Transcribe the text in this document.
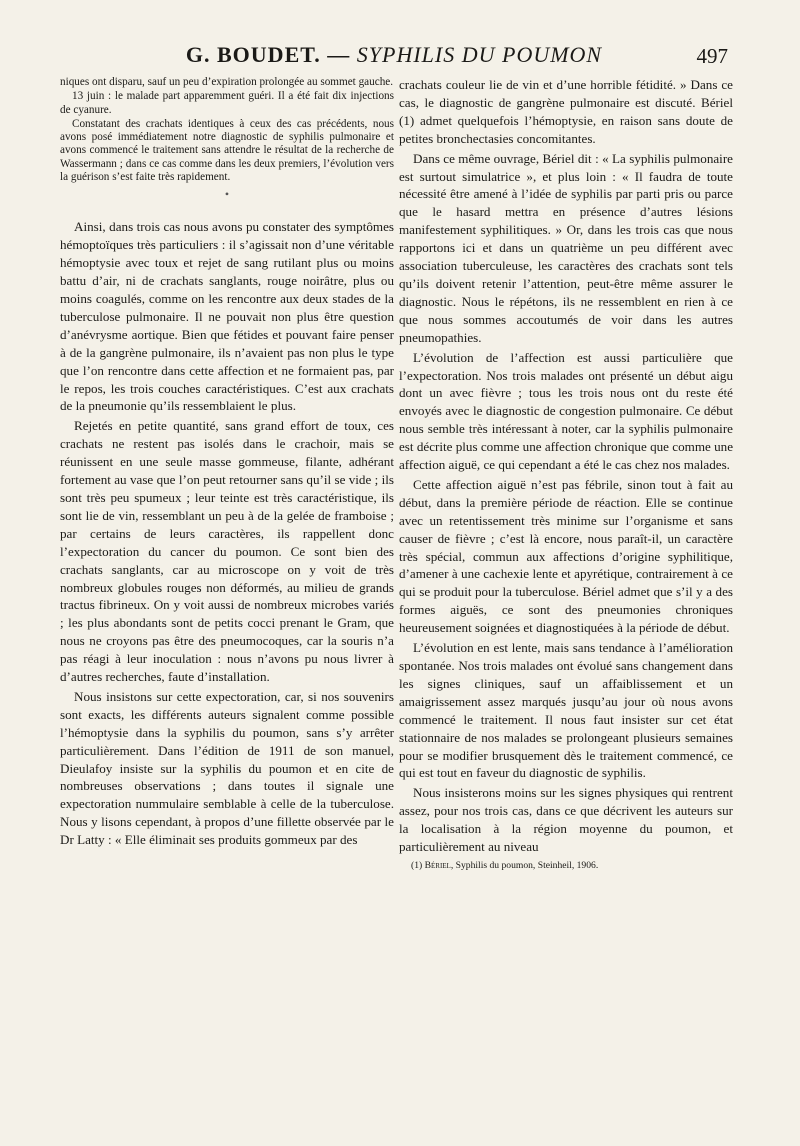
G. BOUDET. — SYPHILIS DU POUMON	497

niques ont disparu, sauf un peu d’expiration prolongée au sommet gauche.

13 juin : le malade part apparemment guéri. Il a été fait dix injections de cyanure.

Constatant des crachats identiques à ceux des cas précédents, nous avons posé immédiatement notre diagnostic de syphilis pulmonaire et avons commencé le traitement sans attendre le résultat de la recherche de Wassermann ; dans ce cas comme dans les deux premiers, l’évolution vers la guérison s’est faite très rapidement.

•

Ainsi, dans trois cas nous avons pu constater des symptômes hémoptoïques très particuliers : il s’agissait non d’une véritable hémoptysie avec toux et rejet de sang rutilant plus ou moins battu d’air, ni de crachats sanglants, rouge noirâtre, plus ou moins coagulés, comme on les rencontre aux deux stades de la tuberculose pulmonaire. Il ne pouvait non plus être question d’anévrysme aortique. Bien que fétides et pouvant faire penser à de la gangrène pulmonaire, ils n’avaient pas non plus le type que l’on rencontre dans cette affection et ne formaient pas, par le repos, les trois couches caractéristiques. C’est aux crachats de la pneumonie qu’ils ressemblaient le plus.

Rejetés en petite quantité, sans grand effort de toux, ces crachats ne restent pas isolés dans le crachoir, mais se réunissent en une seule masse gommeuse, filante, adhérant fortement au vase que l’on peut retourner sans qu’il se vide ; ils sont très peu spumeux ; leur teinte est très caractéristique, ils sont lie de vin, ressemblant un peu à de la gelée de framboise ; par certains de leurs caractères, ils rappellent donc l’expectoration du cancer du poumon. Ce sont bien des crachats sanglants, car au microscope on y voit de très nombreux globules rouges non déformés, au milieu de grands tractus fibrineux. On y voit aussi de nombreux microbes variés ; les plus abondants sont de petits cocci prenant le Gram, que nous ne croyons pas être des pneumocoques, car la souris n’a pas réagi à leur inoculation : nous n’avons pu nous livrer à d’autres recherches, faute d’installation.

Nous insistons sur cette expectoration, car, si nos souvenirs sont exacts, les différents auteurs signalent comme possible l’hémoptysie dans la syphilis du poumon, sans s’y arrêter particulièrement. Dans l’édition de 1911 de son manuel, Dieulafoy insiste sur la syphilis du poumon et en cite de nombreuses observations ; dans toutes il signale une expectoration nummulaire semblable à celle de la tuberculose. Nous y lisons cependant, à propos d’une fillette observée par le Dr Latty : « Elle éliminait ses produits gommeux par des

crachats couleur lie de vin et d’une horrible fétidité. » Dans ce cas, le diagnostic de gangrène pulmonaire est discuté. Bériel (1) admet quelquefois l’hémoptysie, en raison sans doute de petites bronchectasies concomitantes.

Dans ce même ouvrage, Bériel dit : « La syphilis pulmonaire est surtout simulatrice », et plus loin : « Il faudra de toute nécessité être amené à l’idée de syphilis par parti pris ou parce que le hasard mettra en présence d’autres lésions manifestement syphilitiques. » Or, dans les trois cas que nous rapportons ici et dans un quatrième un peu différent avec association tuberculeuse, les caractères des crachats sont tels qu’ils doivent retenir l’attention, peut-être même assurer le diagnostic. Nous le répétons, ils ne ressemblent en rien à ce que nous sommes accoutumés de voir dans les autres pneumopathies.

L’évolution de l’affection est aussi particulière que l’expectoration. Nos trois malades ont présenté un début aigu dont un avec fièvre ; tous les trois nous ont du reste été envoyés avec le diagnostic de congestion pulmonaire. Ce début nous semble très intéressant à noter, car la syphilis pulmonaire est décrite plus comme une affection chronique que comme une affection aiguë, ce qui cependant a été le cas chez nos malades.

Cette affection aiguë n’est pas fébrile, sinon tout à fait au début, dans la première période de réaction. Elle se continue avec un retentissement très minime sur l’organisme et sans causer de fièvre ; c’est là encore, nous paraît-il, un caractère très spécial, commun aux affections d’origine syphilitique, d’amener à une cachexie lente et apyrétique, contrairement à ce qui se produit pour la tuberculose. Bériel admet que s’il y a des formes aiguës, ce sont des pneumonies chroniques heureusement soignées et diagnostiquées à la période de début.

L’évolution en est lente, mais sans tendance à l’amélioration spontanée. Nos trois malades ont évolué sans changement dans les signes cliniques, sauf un affaiblissement et un amaigrissement assez marqués jusqu’au jour où nous avons commencé le traitement. Il nous faut insister sur cet état stationnaire de nos malades se prolongeant plusieurs semaines pour se modifier brusquement dès le traitement commencé, ce qui est tout en faveur du diagnostic de syphilis.

Nous insisterons moins sur les signes physiques qui rentrent assez, pour nos trois cas, dans ce que décrivent les auteurs sur la localisation à la région moyenne du poumon, et particulièrement au niveau

(1) Bériel, Syphilis du poumon, Steinheil, 1906.
